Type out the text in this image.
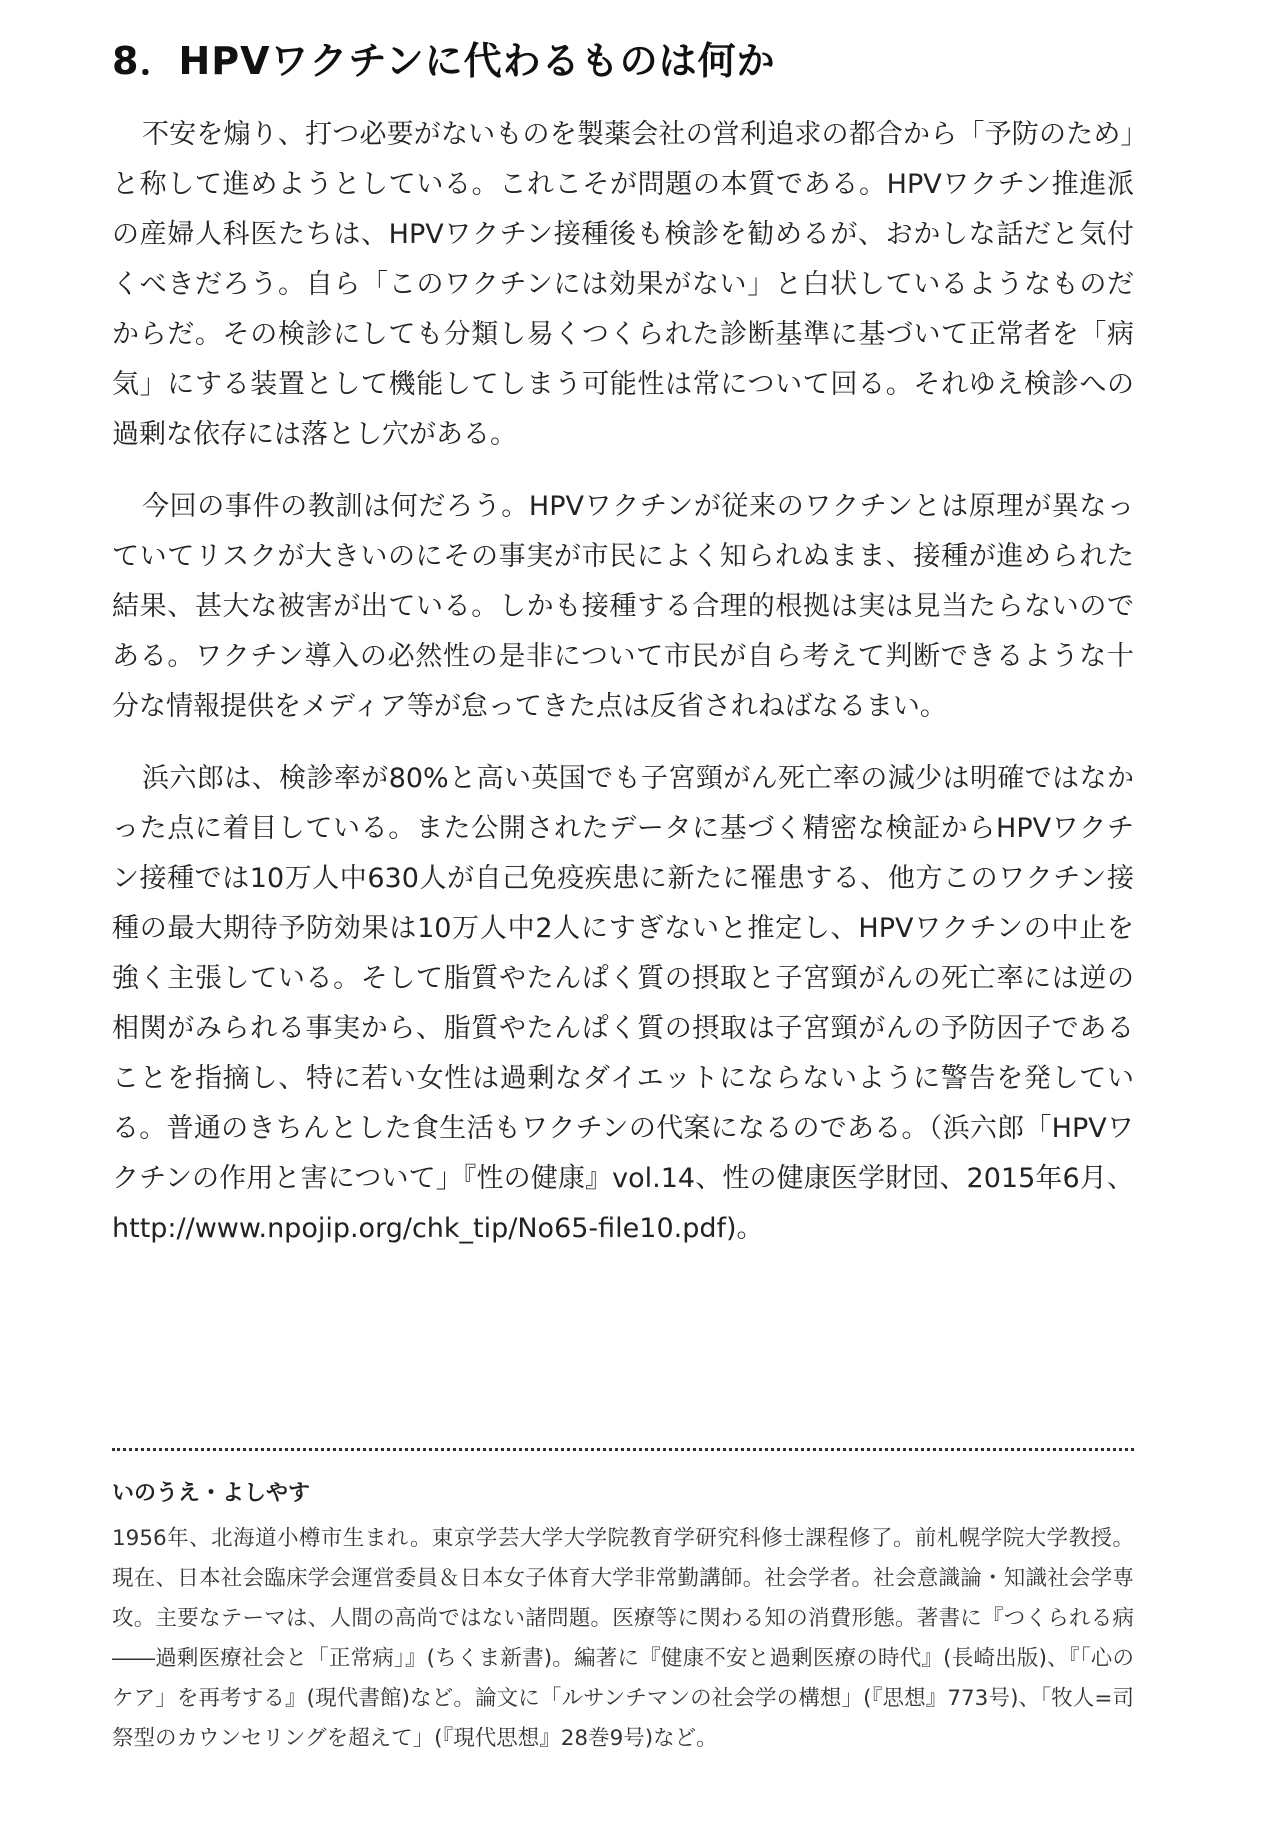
8．HPVワクチンに代わるものは何か

不安を煽り、打つ必要がないものを製薬会社の営利追求の都合から「予防のため」と称して進めようとしている。これこそが問題の本質である。HPVワクチン推進派の産婦人科医たちは、HPVワクチン接種後も検診を勧めるが、おかしな話だと気付くべきだろう。自ら「このワクチンには効果がない」と白状しているようなものだからだ。その検診にしても分類し易くつくられた診断基準に基づいて正常者を「病気」にする装置として機能してしまう可能性は常について回る。それゆえ検診への過剰な依存には落とし穴がある。

今回の事件の教訓は何だろう。HPVワクチンが従来のワクチンとは原理が異なっていてリスクが大きいのにその事実が市民によく知られぬまま、接種が進められた結果、甚大な被害が出ている。しかも接種する合理的根拠は実は見当たらないのである。ワクチン導入の必然性の是非について市民が自ら考えて判断できるような十分な情報提供をメディア等が怠ってきた点は反省されねばなるまい。

浜六郎は、検診率が80%と高い英国でも子宮頸がん死亡率の減少は明確ではなかった点に着目している。また公開されたデータに基づく精密な検証からHPVワクチン接種では10万人中630人が自己免疫疾患に新たに罹患する、他方このワクチン接種の最大期待予防効果は10万人中2人にすぎないと推定し、HPVワクチンの中止を強く主張している。そして脂質やたんぱく質の摂取と子宮頸がんの死亡率には逆の相関がみられる事実から、脂質やたんぱく質の摂取は子宮頸がんの予防因子であることを指摘し、特に若い女性は過剰なダイエットにならないように警告を発している。普通のきちんとした食生活もワクチンの代案になるのである。（浜六郎「HPVワクチンの作用と害について」『性の健康』vol.14、性の健康医学財団、2015年6月、http://www.npojip.org/chk_tip/No65-file10.pdf)。

いのうえ・よしやす

1956年、北海道小樽市生まれ。東京学芸大学大学院教育学研究科修士課程修了。前札幌学院大学教授。現在、日本社会臨床学会運営委員＆日本女子体育大学非常勤講師。社会学者。社会意識論・知識社会学専攻。主要なテーマは、人間の高尚ではない諸問題。医療等に関わる知の消費形態。著書に『つくられる病――過剰医療社会と「正常病」』(ちくま新書)。編著に『健康不安と過剰医療の時代』(長崎出版)、『「心のケア」を再考する』(現代書館)など。論文に「ルサンチマンの社会学の構想」(『思想』773号)、「牧人=司祭型のカウンセリングを超えて」(『現代思想』28巻9号)など。
